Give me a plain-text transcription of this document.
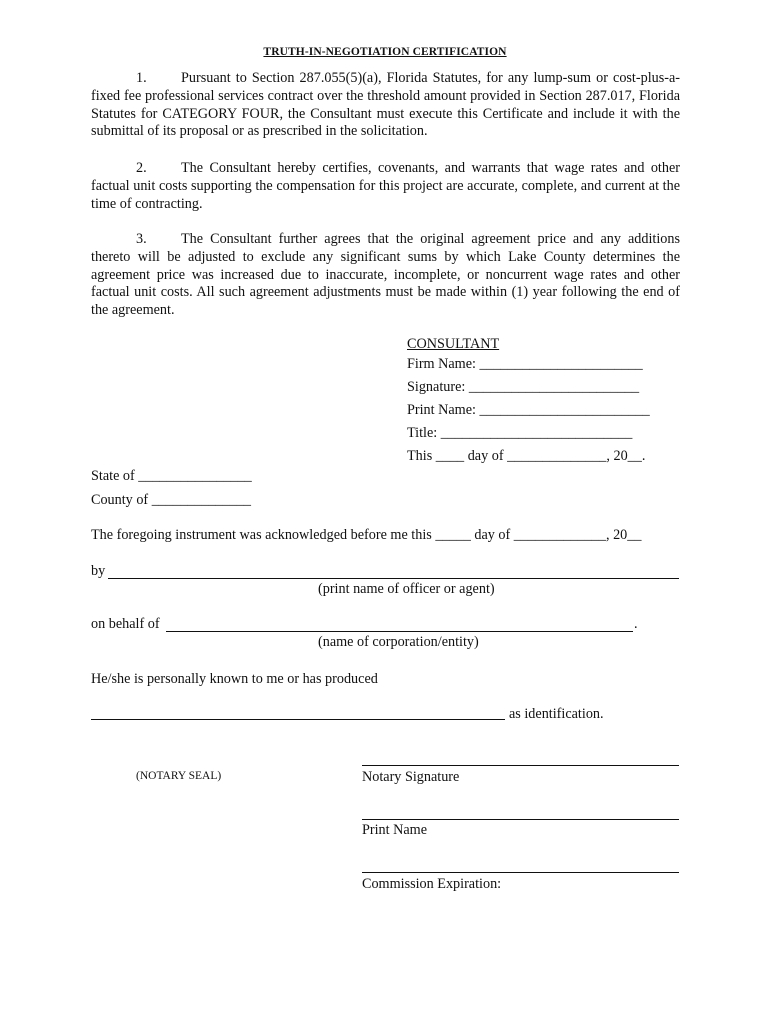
TRUTH-IN-NEGOTIATION CERTIFICATION
1. Pursuant to Section 287.055(5)(a), Florida Statutes, for any lump-sum or cost-plus-a-fixed fee professional services contract over the threshold amount provided in Section 287.017, Florida Statutes for CATEGORY FOUR, the Consultant must execute this Certificate and include it with the submittal of its proposal or as prescribed in the solicitation.
2. The Consultant hereby certifies, covenants, and warrants that wage rates and other factual unit costs supporting the compensation for this project are accurate, complete, and current at the time of contracting.
3. The Consultant further agrees that the original agreement price and any additions thereto will be adjusted to exclude any significant sums by which Lake County determines the agreement price was increased due to inaccurate, incomplete, or noncurrent wage rates and other factual unit costs. All such agreement adjustments must be made within (1) year following the end of the agreement.
CONSULTANT
Firm Name: _______________________
Signature: ________________________
Print Name: ________________________
Title: ___________________________
This ____ day of ______________, 20__.
State of ________________
County of ______________
The foregoing instrument was acknowledged before me this _____ day of _____________, 20__
by
(print name of officer or agent)
on behalf of	.
(name of corporation/entity)
He/she is personally known to me or has produced
as identification.
(NOTARY SEAL)	Notary Signature
Print Name
Commission Expiration:
